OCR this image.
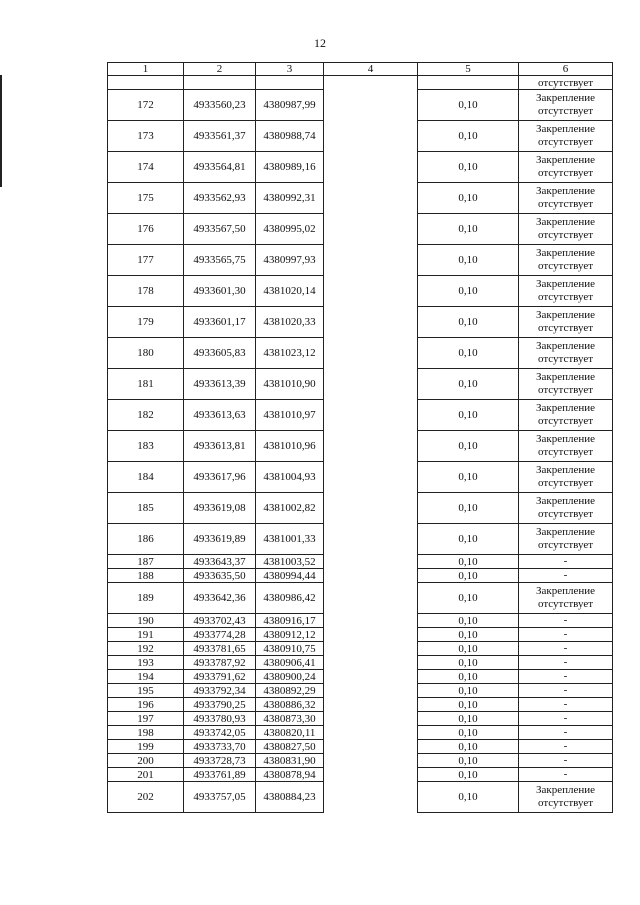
12
1	2	3	4	5	6
					отсутствует
172	4933560,23	4380987,99		0,10	Закрепление
отсутствует

173	4933561,37	4380988,74		0,10	Закрепление
отсутствует

174	4933564,81	4380989,16		0,10	Закрепление
отсутствует

175	4933562,93	4380992,31		0,10	Закрепление
отсутствует

176	4933567,50	4380995,02		0,10	Закрепление
отсутствует

177	4933565,75	4380997,93		0,10	Закрепление
отсутствует

178	4933601,30	4381020,14		0,10	Закрепление
отсутствует

179	4933601,17	4381020,33		0,10	Закрепление
отсутствует

180	4933605,83	4381023,12		0,10	Закрепление
отсутствует

181	4933613,39	4381010,90		0,10	Закрепление
отсутствует

182	4933613,63	4381010,97		0,10	Закрепление
отсутствует

183	4933613,81	4381010,96		0,10	Закрепление
отсутствует

184	4933617,96	4381004,93		0,10	Закрепление
отсутствует

185	4933619,08	4381002,82		0,10	Закрепление
отсутствует

186	4933619,89	4381001,33		0,10	Закрепление
отсутствует

187	4933643,37	4381003,52		0,10	-

188	4933635,50	4380994,44		0,10	-

189	4933642,36	4380986,42		0,10	Закрепление
отсутствует

190	4933702,43	4380916,17		0,10	-

191	4933774,28	4380912,12		0,10	-

192	4933781,65	4380910,75		0,10	-

193	4933787,92	4380906,41		0,10	-

194	4933791,62	4380900,24		0,10	-

195	4933792,34	4380892,29		0,10	-

196	4933790,25	4380886,32		0,10	-

197	4933780,93	4380873,30		0,10	-

198	4933742,05	4380820,11		0,10	-

199	4933733,70	4380827,50		0,10	-

200	4933728,73	4380831,90		0,10	-

201	4933761,89	4380878,94		0,10	-

202	4933757,05	4380884,23		0,10	Закрепление
отсутствует
